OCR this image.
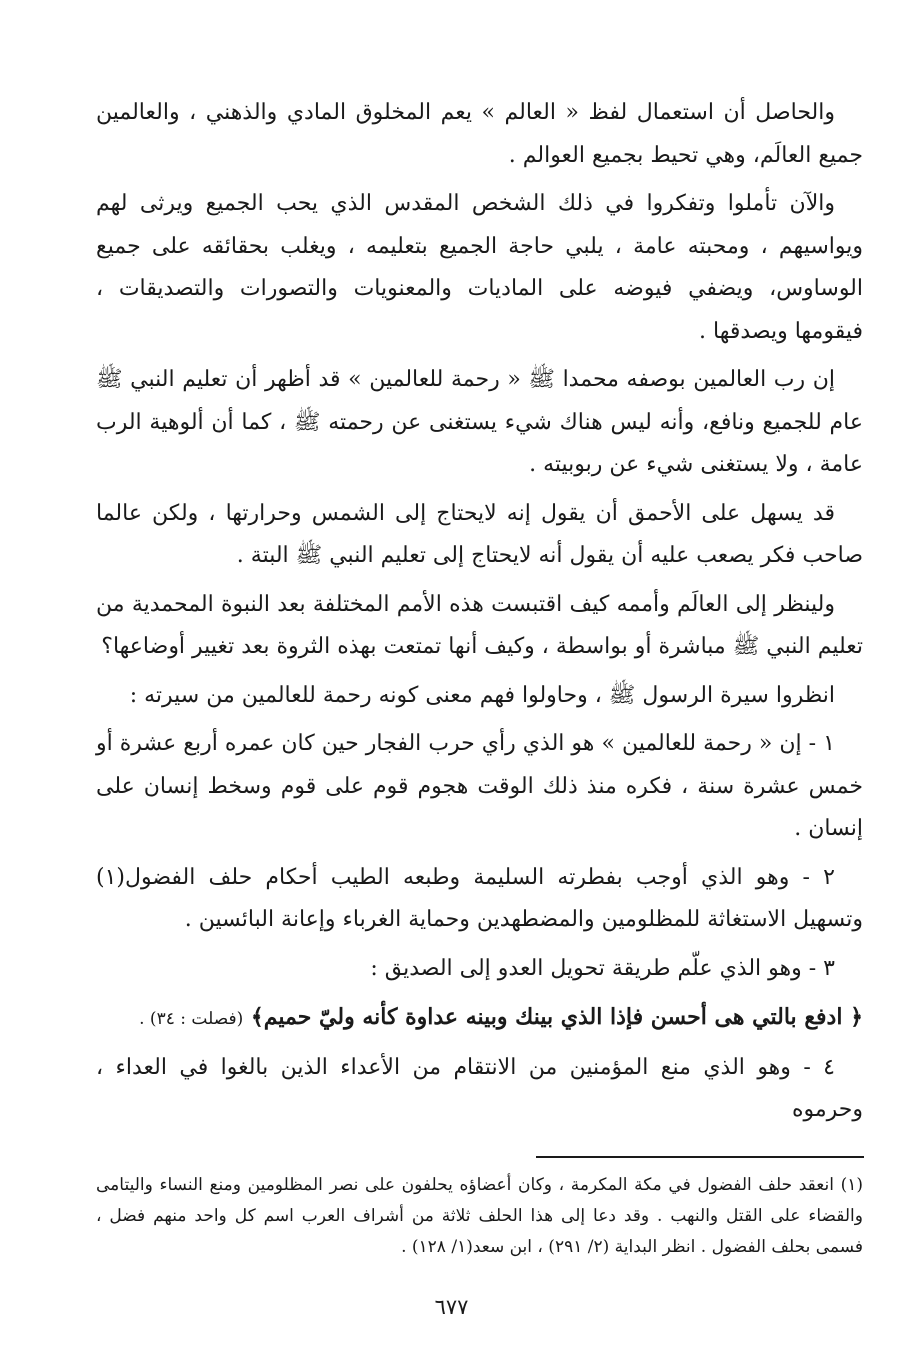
والحاصل أن استعمال لفظ « العالم » يعم المخلوق المادي والذهني ، والعالمين جميع العالَم، وهي تحيط بجميع العوالم .

والآن تأملوا وتفكروا في ذلك الشخص المقدس الذي يحب الجميع ويرثى لهم ويواسيهم ، ومحبته عامة ، يلبي حاجة الجميع بتعليمه ، ويغلب بحقائقه على جميع الوساوس، ويضفي فيوضه على الماديات والمعنويات والتصورات والتصديقات ، فيقومها ويصدقها .

إن رب العالمين بوصفه محمدا ﷺ « رحمة للعالمين » قد أظهر أن تعليم النبي ﷺ عام للجميع ونافع، وأنه ليس هناك شيء يستغنى عن رحمته ﷺ ، كما أن ألوهية الرب عامة ، ولا يستغنى شيء عن ربوبيته .

قد يسهل على الأحمق أن يقول إنه لايحتاج إلى الشمس وحرارتها ، ولكن عالما صاحب فكر يصعب عليه أن يقول أنه لايحتاج إلى تعليم النبي ﷺ البتة .

ولينظر إلى العالَم وأممه كيف اقتبست هذه الأمم المختلفة بعد النبوة المحمدية من تعليم النبي ﷺ مباشرة أو بواسطة ، وكيف أنها تمتعت بهذه الثروة بعد تغيير أوضاعها؟

انظروا سيرة الرسول ﷺ ، وحاولوا فهم معنى كونه رحمة للعالمين من سيرته :

١ - إن « رحمة للعالمين » هو الذي رأي حرب الفجار حين كان عمره أربع عشرة أو خمس عشرة سنة ، فكره منذ ذلك الوقت هجوم قوم على قوم وسخط إنسان على إنسان .

٢ - وهو الذي أوجب بفطرته السليمة وطبعه الطيب أحكام حلف الفضول(١) وتسهيل الاستغاثة للمظلومين والمضطهدين وحماية الغرباء وإعانة البائسين .

٣ - وهو الذي علّم طريقة تحويل العدو إلى الصديق :

﴿ ادفع بالتي هى أحسن فإذا الذي بينك وبينه عداوة كأنه وليّ حميم﴾ (فصلت : ٣٤) .

٤ - وهو الذي منع المؤمنين من الانتقام من الأعداء الذين بالغوا في العداء ، وحرموه

(١) انعقد حلف الفضول في مكة المكرمة ، وكان أعضاؤه يحلفون على نصر المظلومين ومنع النساء واليتامى والقضاء على القتل والنهب . وقد دعا إلى هذا الحلف ثلاثة من أشراف العرب اسم كل واحد منهم فضل ، فسمى بحلف الفضول . انظر البداية (٢/ ٢٩١) ، ابن سعد(١/ ١٢٨) .

٦٧٧
